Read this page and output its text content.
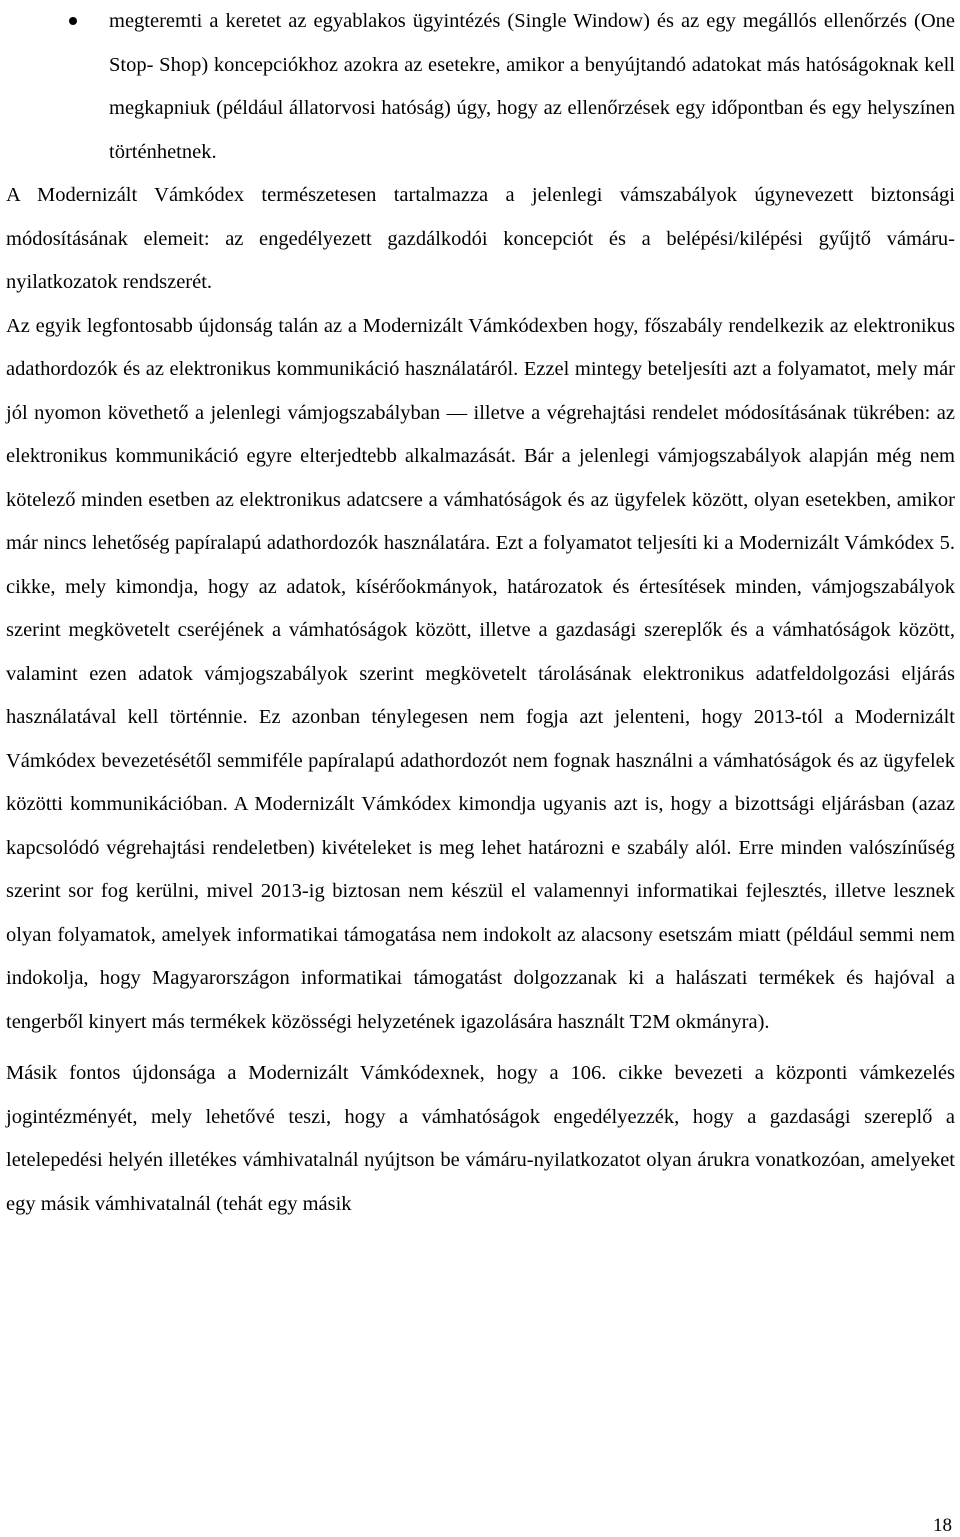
megteremti a keretet az egyablakos ügyintézés (Single Window) és az egy megállós ellenőrzés (One Stop- Shop) koncepciókhoz azokra az esetekre, amikor a benyújtandó adatokat más hatóságoknak kell megkapniuk (például állatorvosi hatóság) úgy, hogy az ellenőrzések egy időpontban és egy helyszínen történhetnek.

A Modernizált Vámkódex természetesen tartalmazza a jelenlegi vámszabályok úgynevezett biztonsági módosításának elemeit: az engedélyezett gazdálkodói koncepciót és a belépési/kilépési gyűjtő vámáru-nyilatkozatok rendszerét.

Az egyik legfontosabb újdonság talán az a Modernizált Vámkódexben hogy, főszabály rendelkezik az elektronikus adathordozók és az elektronikus kommunikáció használatáról. Ezzel mintegy beteljesíti azt a folyamatot, mely már jól nyomon követhető a jelenlegi vámjogszabályban ― illetve a végrehajtási rendelet módosításának tükrében: az elektronikus kommunikáció egyre elterjedtebb alkalmazását. Bár a jelenlegi vámjogszabályok alapján még nem kötelező minden esetben az elektronikus adatcsere a vámhatóságok és az ügyfelek között, olyan esetekben, amikor már nincs lehetőség papíralapú adathordozók használatára. Ezt a folyamatot teljesíti ki a Modernizált Vámkódex 5. cikke, mely kimondja, hogy az adatok, kísérőokmányok, határozatok és értesítések minden, vámjogszabályok szerint megkövetelt cseréjének a vámhatóságok között, illetve a gazdasági szereplők és a vámhatóságok között, valamint ezen adatok vámjogszabályok szerint megkövetelt tárolásának elektronikus adatfeldolgozási eljárás használatával kell történnie. Ez azonban ténylegesen nem fogja azt jelenteni, hogy 2013-tól a Modernizált Vámkódex bevezetésétől semmiféle papíralapú adathordozót nem fognak használni a vámhatóságok és az ügyfelek közötti kommunikációban. A Modernizált Vámkódex kimondja ugyanis azt is, hogy a bizottsági eljárásban (azaz kapcsolódó végrehajtási rendeletben) kivételeket is meg lehet határozni e szabály alól. Erre minden valószínűség szerint sor fog kerülni, mivel 2013-ig biztosan nem készül el valamennyi informatikai fejlesztés, illetve lesznek olyan folyamatok, amelyek informatikai támogatása nem indokolt az alacsony esetszám miatt (például semmi nem indokolja, hogy Magyarországon informatikai támogatást dolgozzanak ki a halászati termékek és hajóval a tengerből kinyert más termékek közösségi helyzetének igazolására használt T2M okmányra).

Másik fontos újdonsága a Modernizált Vámkódexnek, hogy a 106. cikke bevezeti a központi vámkezelés jogintézményét, mely lehetővé teszi, hogy a vámhatóságok engedélyezzék, hogy a gazdasági szereplő a letelepedési helyén illetékes vámhivatalnál nyújtson be vámáru-nyilatkozatot olyan árukra vonatkozóan, amelyeket egy másik vámhivatalnál (tehát egy másik

18
